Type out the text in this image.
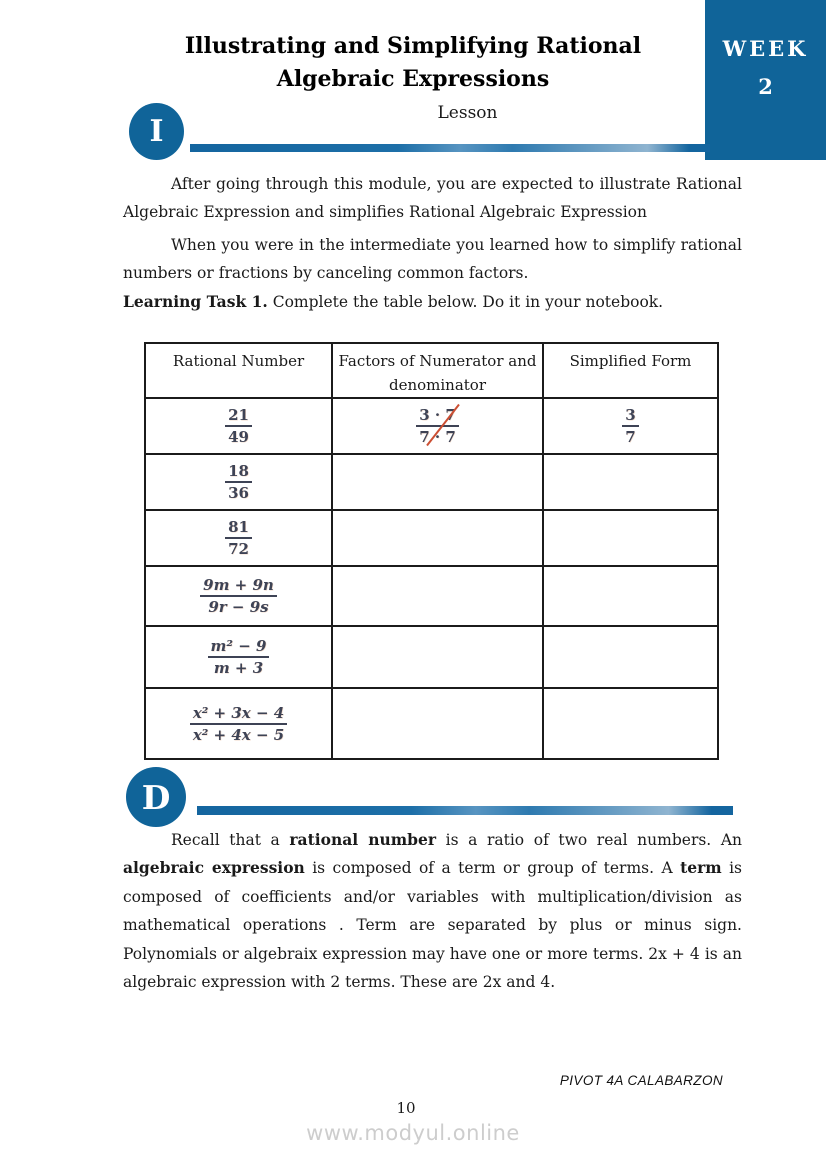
WEEK
2
Illustrating and Simplifying Rational
Algebraic Expressions
Lesson
I
After going through this module, you are expected to illustrate Rational Algebraic Expression and simplifies Rational Algebraic Expression
When you were in the intermediate you learned how to simplify rational numbers or fractions by canceling common factors.
Learning Task 1. Complete the table below. Do it in your notebook.
Rational Number	Factors of Numerator and denominator	Simplified Form
$\frac{21}{49}$	$\frac{3 \cdot 7}{7 \cdot 7}$	$\frac{3}{7}$

$\frac{18}{36}$

$\frac{81}{72}$

$\frac{9m + 9n}{9r - 9s}$

$\frac{\text{m² − 9}}{m + 3}$

$\frac{\text{x² + 3x − 4}}{\text{x² + 4x − 5}}$

D
Recall that a rational number is a ratio of two real numbers. An algebraic expression is composed of a term or group of terms. A term is composed of coefficients and/or variables with multiplication/division as mathematical operations . Term are separated by plus or minus sign. Polynomials or algebraix expression may have one or more terms. 2x + 4 is an algebraic expression with 2 terms. These are 2x and 4.
PIVOT 4A CALABARZON
10
www.modyul.online
